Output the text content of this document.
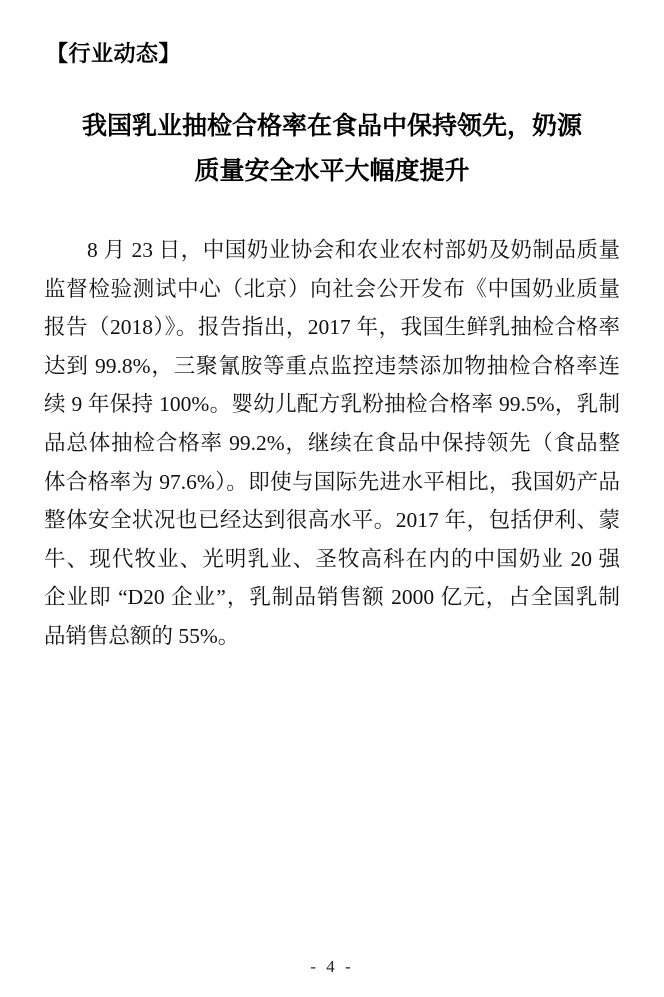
【行业动态】
我国乳业抽检合格率在食品中保持领先，奶源
质量安全水平大幅度提升
8 月 23 日，中国奶业协会和农业农村部奶及奶制品质量
监督检验测试中心（北京）向社会公开发布《中国奶业质量
报告（2018）》。报告指出，2017 年，我国生鲜乳抽检合格率
达到 99.8%，三聚氰胺等重点监控违禁添加物抽检合格率连
续 9 年保持 100%。婴幼儿配方乳粉抽检合格率 99.5%，乳制
品总体抽检合格率 99.2%，继续在食品中保持领先（食品整
体合格率为 97.6%）。即使与国际先进水平相比，我国奶产品
整体安全状况也已经达到很高水平。2017 年，包括伊利、蒙
牛、现代牧业、光明乳业、圣牧高科在内的中国奶业 20 强
企业即 “D20 企业”，乳制品销售额 2000 亿元，占全国乳制
品销售总额的 55%。
- 4 -
